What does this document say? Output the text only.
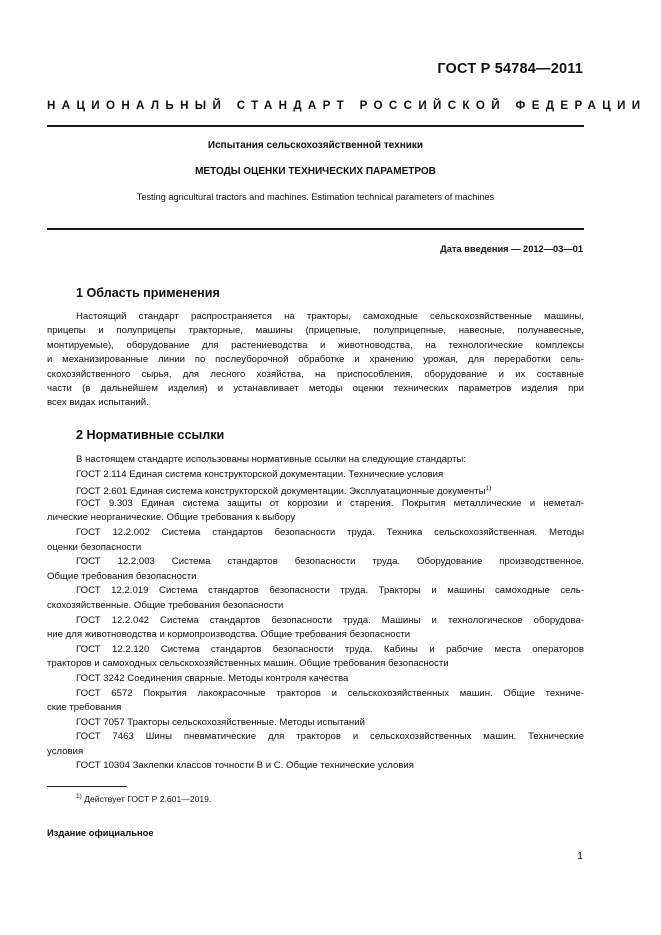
ГОСТ Р 54784—2011
НАЦИОНАЛЬНЫЙ СТАНДАРТ РОССИЙСКОЙ ФЕДЕРАЦИИ
Испытания сельскохозяйственной техники
МЕТОДЫ ОЦЕНКИ ТЕХНИЧЕСКИХ ПАРАМЕТРОВ
Testing agricultural tractors and machines. Estimation technical parameters of machines
Дата введения — 2012—03—01
1 Область применения
Настоящий стандарт распространяется на тракторы, самоходные сельскохозяйственные машины,
прицепы и полуприцепы тракторные, машины (прицепные, полуприцепные, навесные, полунавесные,
монтируемые), оборудование для растениеводства и животноводства, на технологические комплексы
и механизированные линии по послеуборочной обработке и хранению урожая, для переработки сель-
скохозяйственного сырья, для лесного хозяйства, на приспособления, оборудование и их составные
части (в дальнейшем изделия) и устанавливает методы оценки технических параметров изделия при
всех видах испытаний.
2 Нормативные ссылки
В настоящем стандарте использованы нормативные ссылки на следующие стандарты:
ГОСТ 2.114 Единая система конструкторской документации. Технические условия
ГОСТ 2.601 Единая система конструкторской документации. Эксплуатационные документы$^{1)}$
ГОСТ 9.303 Единая система защиты от коррозии и старения. Покрытия металлические и неметал-
лические неорганические. Общие требования к выбору
ГОСТ 12.2.002 Система стандартов безопасности труда. Техника сельскохозяйственная. Методы
оценки безопасности
ГОСТ 12.2.003 Система стандартов безопасности труда. Оборудование производственное.
Общие требования безопасности
ГОСТ 12.2.019 Система стандартов безопасности труда. Тракторы и машины самоходные сель-
скохозяйственные. Общие требования безопасности
ГОСТ 12.2.042 Система стандартов безопасности труда. Машины и технологическое оборудова-
ние для животноводства и кормопроизводства. Общие требования безопасности
ГОСТ 12.2.120 Система стандартов безопасности труда. Кабины и рабочие места операторов
тракторов и самоходных сельскохозяйственных машин. Общие требования безопасности
ГОСТ 3242 Соединения сварные. Методы контроля качества
ГОСТ 6572 Покрытия лакокрасочные тракторов и сельскохозяйственных машин. Общие техниче-
ские требования
ГОСТ 7057 Тракторы сельскохозяйственные. Методы испытаний
ГОСТ 7463 Шины пневматические для тракторов и сельскохозяйственных машин. Технические
условия
ГОСТ 10304 Заклепки классов точности В и С. Общие технические условия
$^{1)}$ Действует ГОСТ Р 2.601—2019.
Издание официальное
1
